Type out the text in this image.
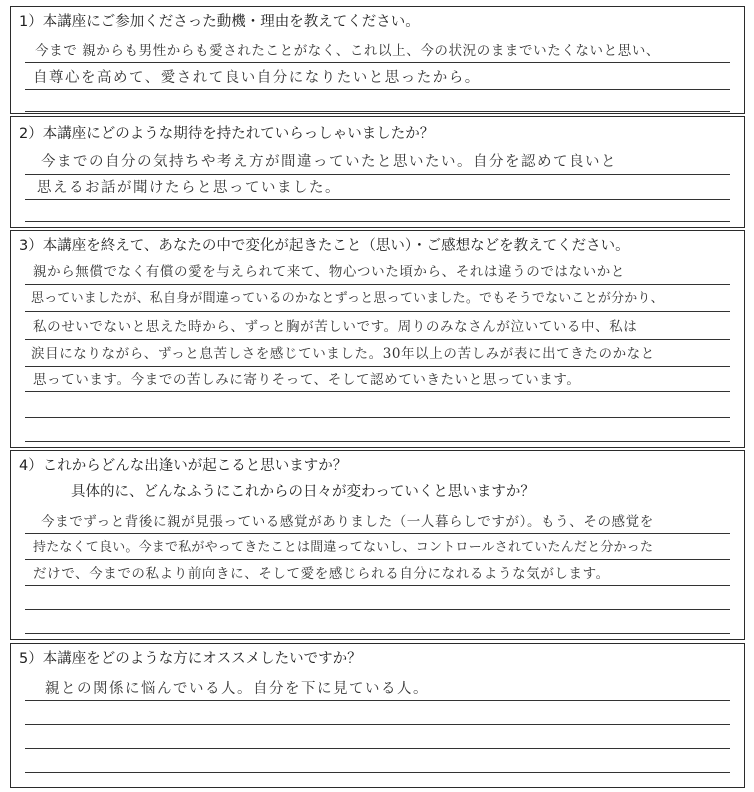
1）本講座にご参加くださった動機・理由を教えてください。
今まで 親からも男性からも愛されたことがなく、これ以上、今の状況のままでいたくないと思い、
自尊心を高めて、愛されて良い自分になりたいと思ったから。
2）本講座にどのような期待を持たれていらっしゃいましたか？
今までの自分の気持ちや考え方が間違っていたと思いたい。自分を認めて良いと
思えるお話が聞けたらと思っていました。
3）本講座を終えて、あなたの中で変化が起きたこと（思い）・ご感想などを教えてください。
親から無償でなく有償の愛を与えられて来て、物心ついた頃から、それは違うのではないかと
思っていましたが、私自身が間違っているのかなとずっと思っていました。でもそうでないことが分かり、
私のせいでないと思えた時から、ずっと胸が苦しいです。周りのみなさんが泣いている中、私は
涙目になりながら、ずっと息苦しさを感じていました。30年以上の苦しみが表に出てきたのかなと
思っています。今までの苦しみに寄りそって、そして認めていきたいと思っています。
4）これからどんな出逢いが起こると思いますか？
具体的に、どんなふうにこれからの日々が変わっていくと思いますか？
今までずっと背後に親が見張っている感覚がありました（一人暮らしですが）。もう、その感覚を
持たなくて良い。今まで私がやってきたことは間違ってないし、コントロールされていたんだと分かった
だけで、今までの私より前向きに、そして愛を感じられる自分になれるような気がします。
5）本講座をどのような方にオススメしたいですか？
親との関係に悩んでいる人。自分を下に見ている人。
